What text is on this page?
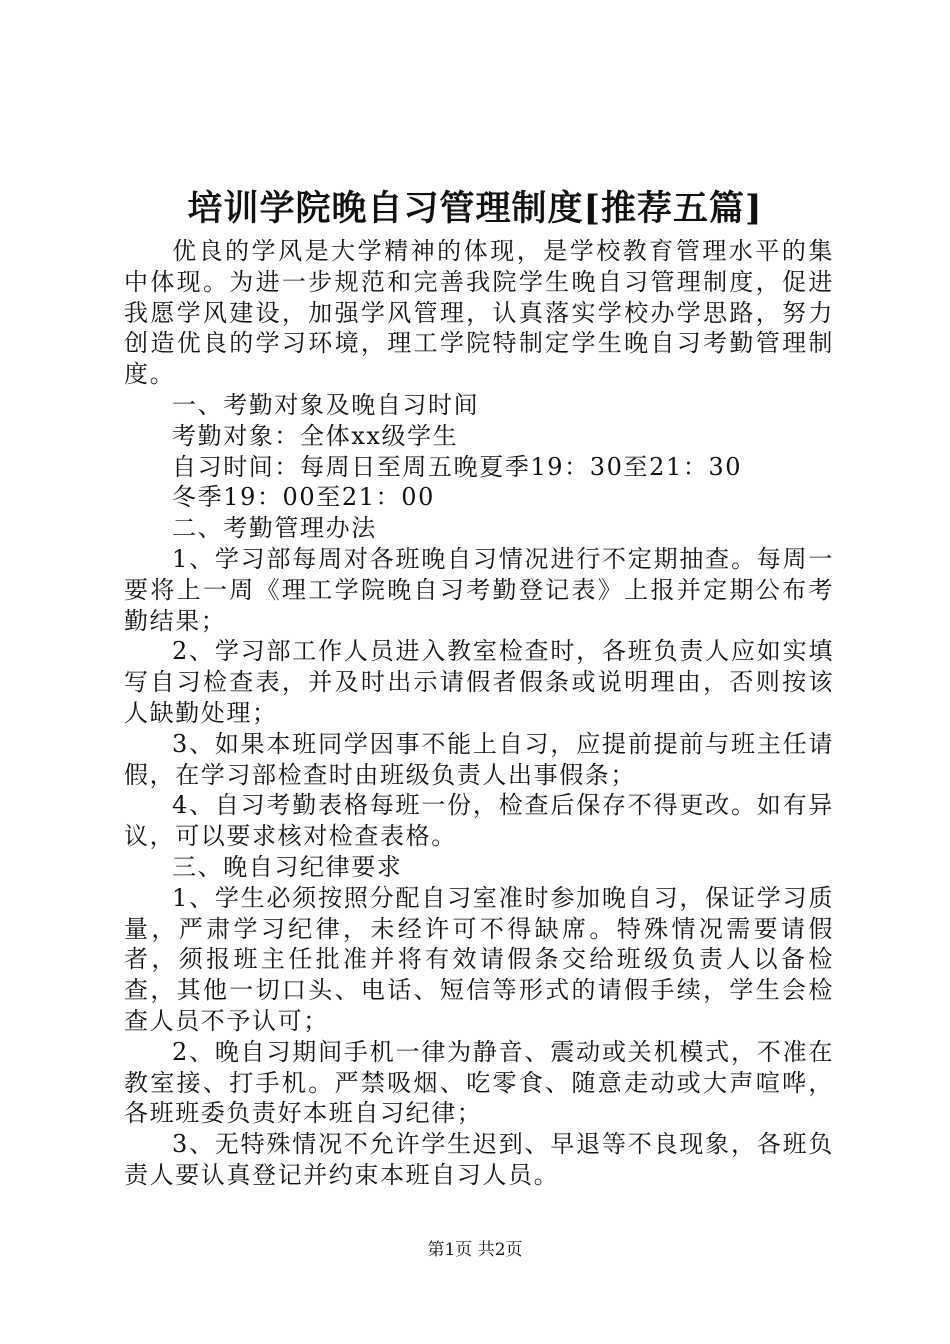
培训学院晚自习管理制度[推荐五篇]

优良的学风是大学精神的体现，是学校教育管理水平的集中体现。为进一步规范和完善我院学生晚自习管理制度，促进我愿学风建设，加强学风管理，认真落实学校办学思路，努力创造优良的学习环境，理工学院特制定学生晚自习考勤管理制度。

一、考勤对象及晚自习时间

考勤对象：全体xx级学生

自习时间：每周日至周五晚夏季19：30至21：30

冬季19：00至21：00

二、考勤管理办法

1、学习部每周对各班晚自习情况进行不定期抽查。每周一要将上一周《理工学院晚自习考勤登记表》上报并定期公布考勤结果；

2、学习部工作人员进入教室检查时，各班负责人应如实填写自习检查表，并及时出示请假者假条或说明理由，否则按该人缺勤处理；

3、如果本班同学因事不能上自习，应提前提前与班主任请假，在学习部检查时由班级负责人出事假条；

4、自习考勤表格每班一份，检查后保存不得更改。如有异议，可以要求核对检查表格。

三、晚自习纪律要求

1、学生必须按照分配自习室准时参加晚自习，保证学习质量，严肃学习纪律，未经许可不得缺席。特殊情况需要请假者，须报班主任批准并将有效请假条交给班级负责人以备检查，其他一切口头、电话、短信等形式的请假手续，学生会检查人员不予认可；

2、晚自习期间手机一律为静音、震动或关机模式，不准在教室接、打手机。严禁吸烟、吃零食、随意走动或大声喧哗，各班班委负责好本班自习纪律；

3、无特殊情况不允许学生迟到、早退等不良现象，各班负责人要认真登记并约束本班自习人员。

第1页 共2页
